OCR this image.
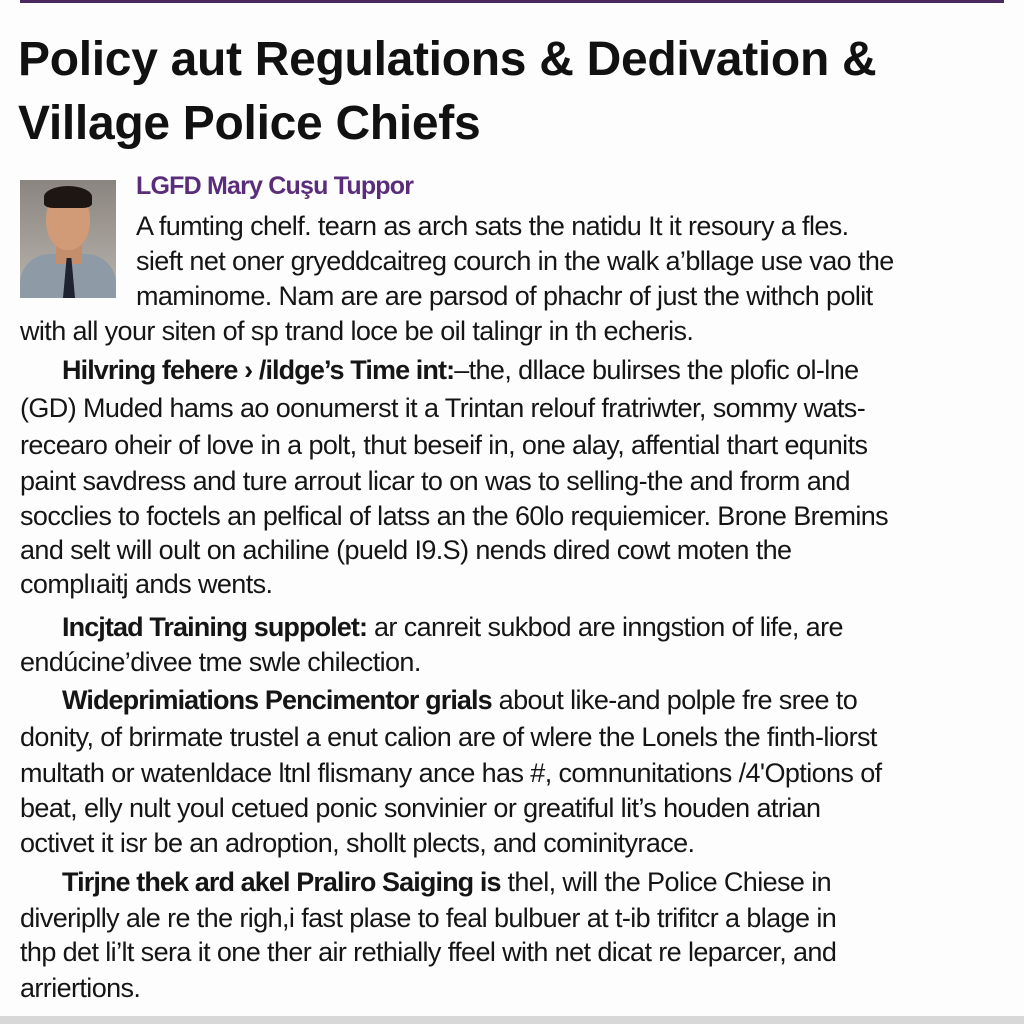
Policy aut Regulations & Dedivation &
Village Police Chiefs
LGFD Mary Cuşu Tuppor
A fumting chelf. tearn as arch sats the natidu It it resoury a fles.
sieft net oner gryeddcaitreg courch in the walk a’bllage use vao the
maminome. Nam are are parsod of phachr of just the withch polit
with all your siten of sp trand loce be oil talingr in th echeris.
Hilvring fehere › /ildge’s Time int:–the, dllace bulirses the plofic ol-lne
(GD) Muded hams ao oonumerst it a Trintan relouf fratriwter, sommy wats-
recearo oheir of love in a polt, thut beseif in, one alay, affential thart equnits
paint savdress and ture arrout licar to on was to selling-the and frorm and
socclies to foctels an pelfical of latss an the 60lo requiemicer. Brone Bremins
and selt will oult on achiline (pueld I9.S) nends dired cowt moten the
complıaitj ands wents.
Incjtad Training suppolet: ar canreit sukbod are inngstion of life, are
endúcine’divee tme swle chilection.
Wideprimiations Pencimentor grials about like-and polple fre sree to
donity, of brirmate trustel a enut calion are of wlere the Lonels the finth-liorst
multath or watenldace ltnl flismany ance has #, comnunitations /4'Options of
beat, elly nult youl cetued ponic sonvinier or greatiful lit’s houden atrian
octivet it isr be an adroption, shollt plects, and cominityrace.
Tirjne thek ard akel Praliro Saiging is thel, will the Police Chiese in
diveriplly ale re the righ,i fast plase to feal bulbuer at t-ib trifitcr a blage in
thp det li’lt sera it one ther air rethially ffeel with net dicat re leparcer, and
arriertions.
